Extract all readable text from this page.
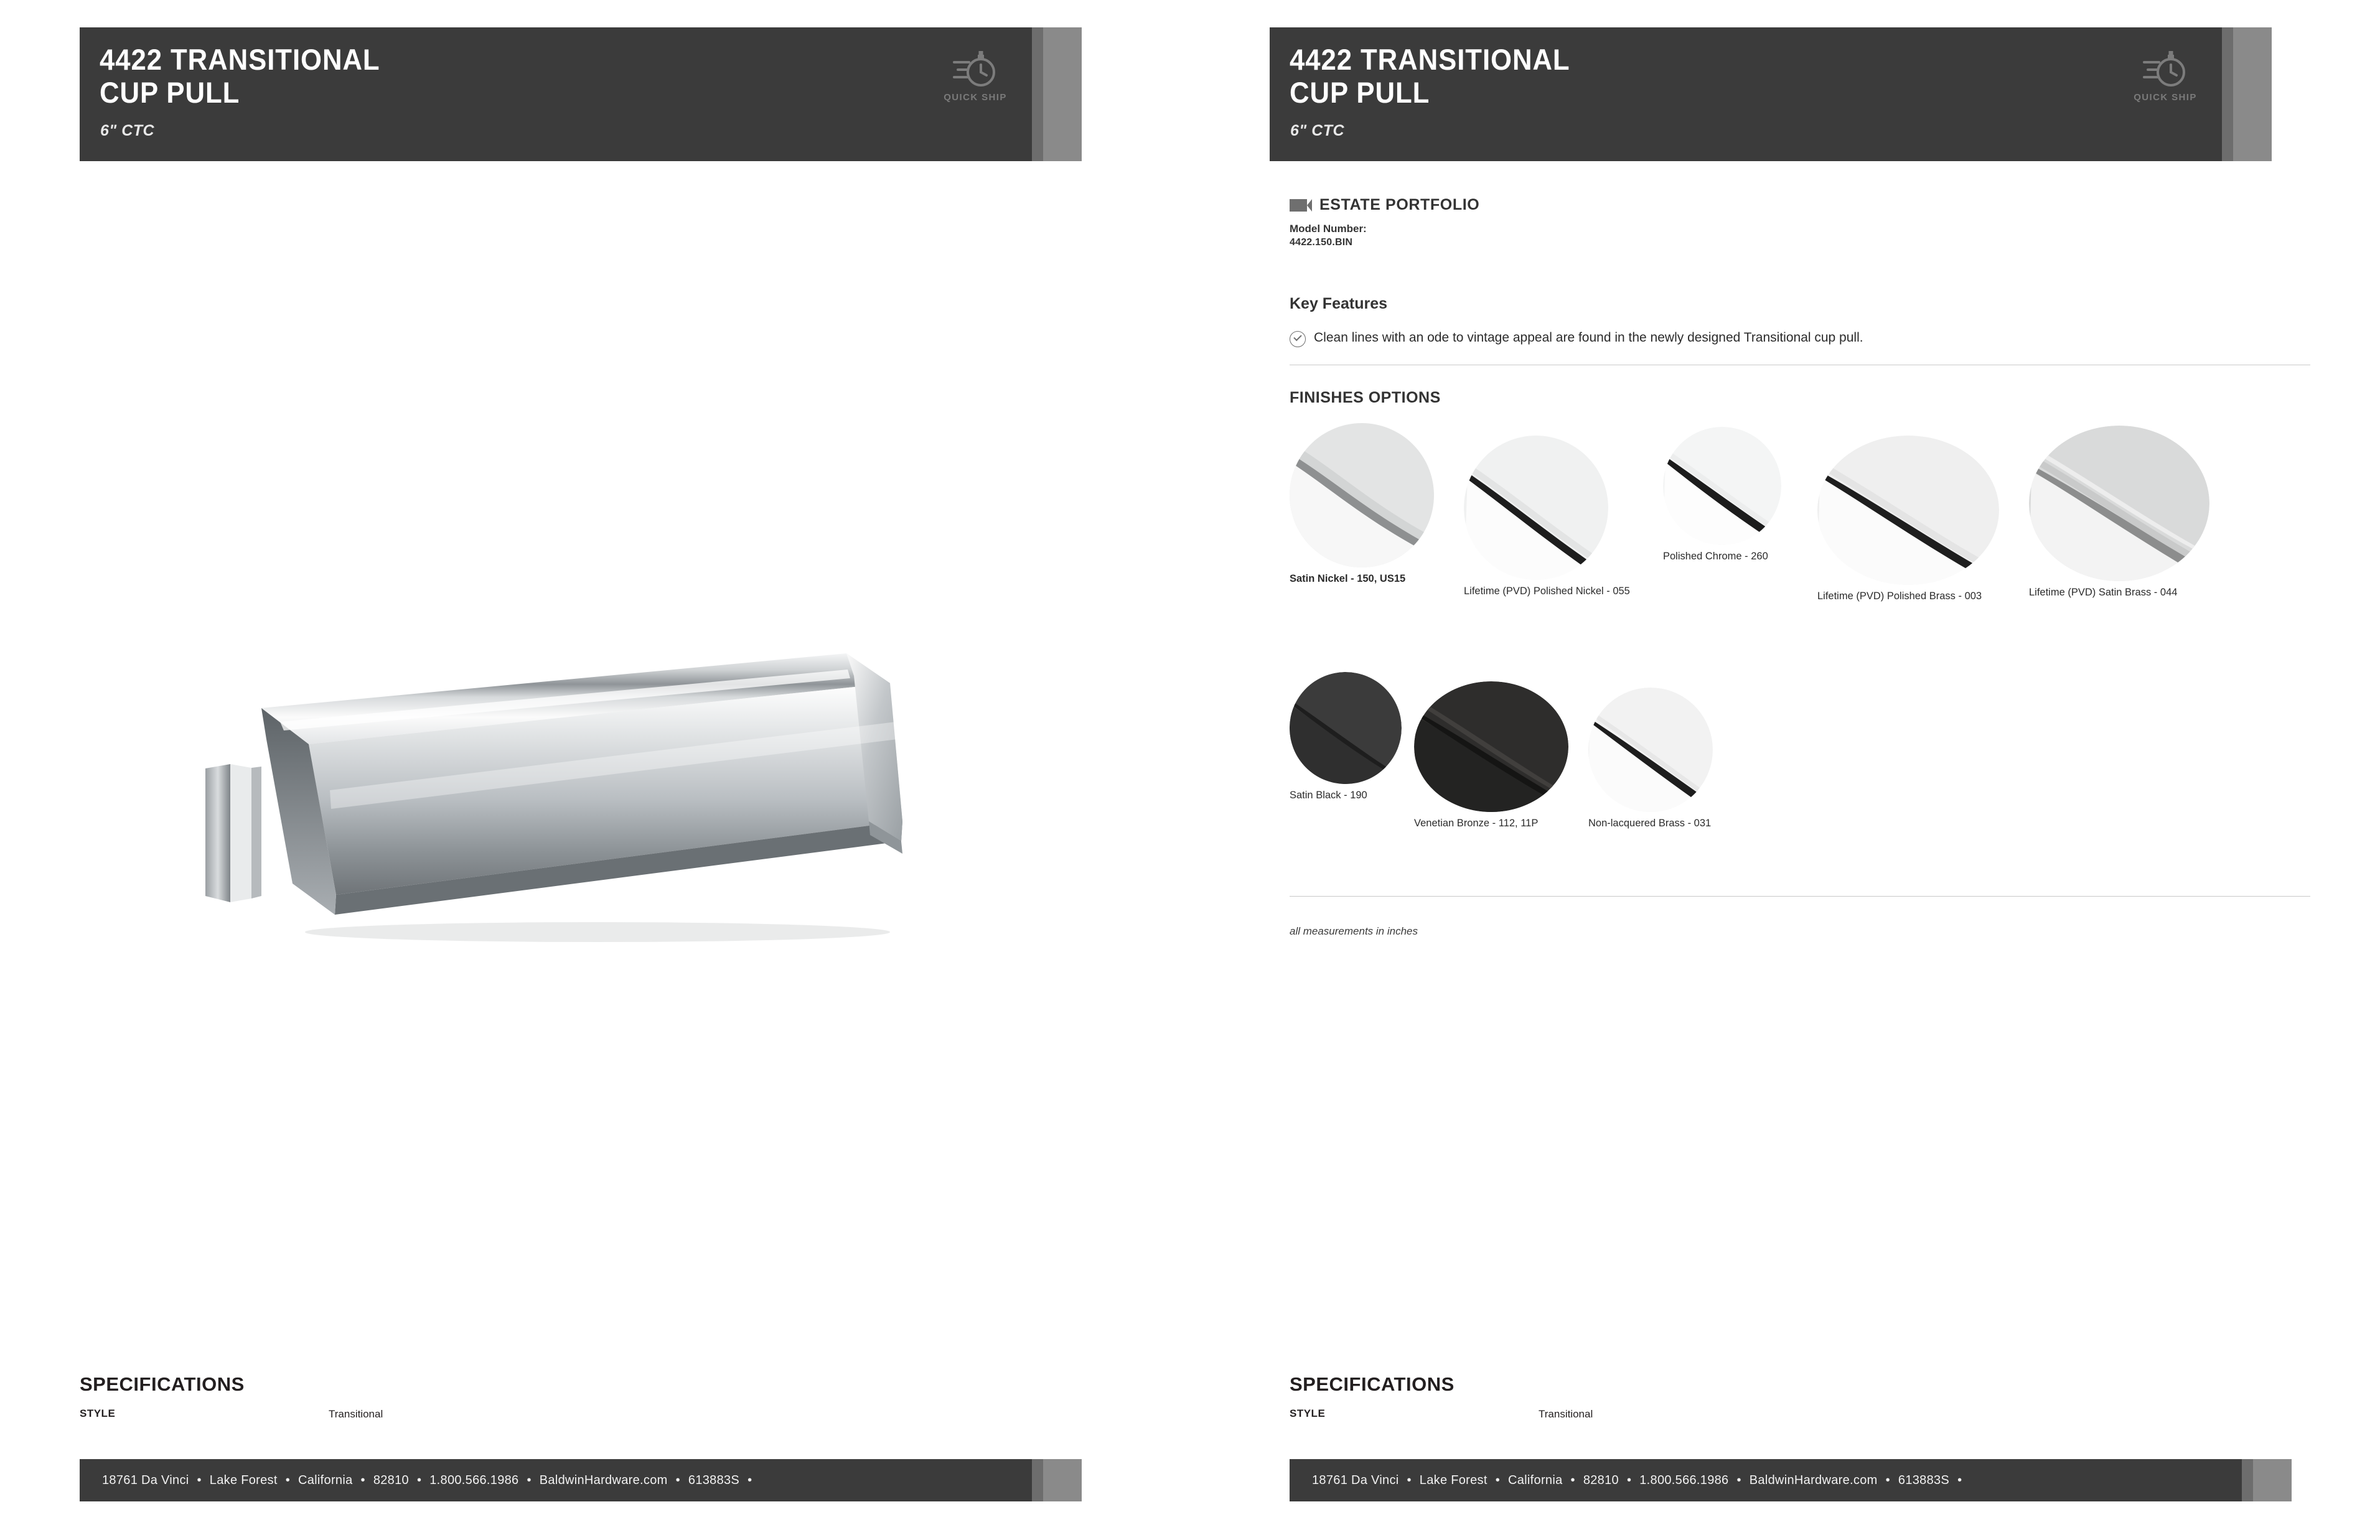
4422 TRANSITIONAL
CUP PULL
6" CTC
QUICK SHIP
SPECIFICATIONS
STYLE	Transitional
18761 Da Vinci • Lake Forest • California • 82810 • 1.800.566.1986 • BaldwinHardware.com • 613883S •
4422 TRANSITIONAL
CUP PULL
6" CTC
QUICK SHIP
ESTATE PORTFOLIO
Model Number:
4422.150.BIN
Key Features
Clean lines with an ode to vintage appeal are found in the newly designed Transitional cup pull.
FINISHES OPTIONS
Satin Nickel - 150, US15
Lifetime (PVD) Polished Nickel - 055
Polished Chrome - 260
Lifetime (PVD) Polished Brass - 003	Lifetime (PVD) Satin Brass - 044
Satin Black - 190
Venetian Bronze - 112, 11P	Non-lacquered Brass - 031
all measurements in inches
SPECIFICATIONS
STYLE	Transitional
18761 Da Vinci • Lake Forest • California • 82810 • 1.800.566.1986 • BaldwinHardware.com • 613883S •
